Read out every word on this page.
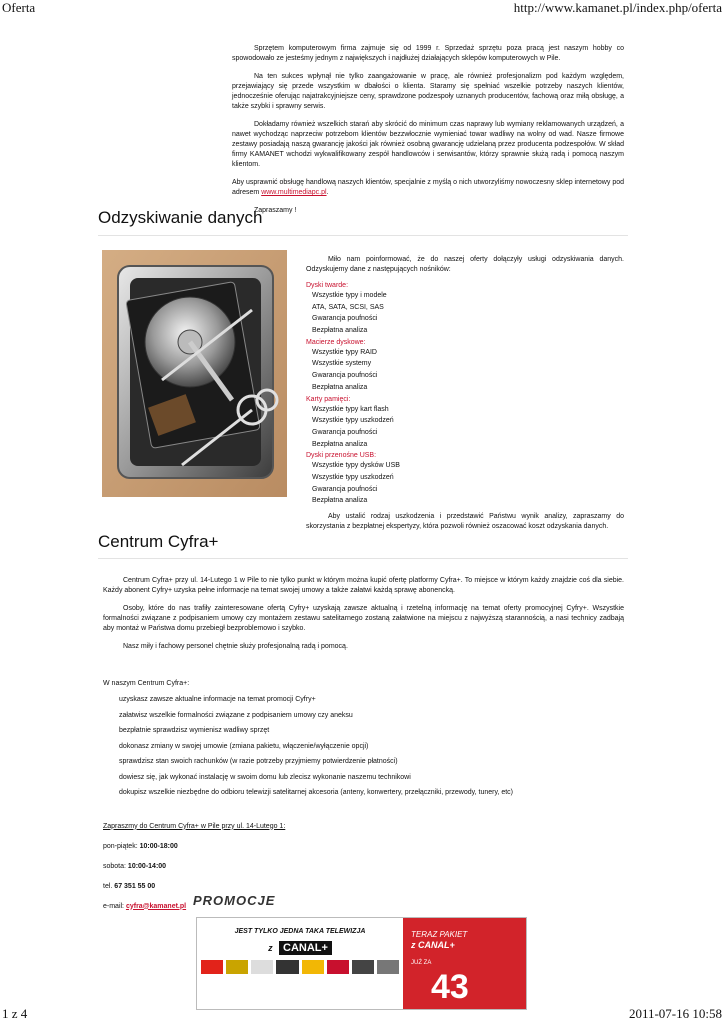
Oferta	http://www.kamanet.pl/index.php/oferta

Sprzętem komputerowym firma zajmuje się od 1999 r. Sprzedaż sprzętu poza pracą jest naszym hobby co spowodowało ze jesteśmy jednym z największych i najdłużej działających sklepów komputerowych w Pile.

Na ten sukces wpłynął nie tylko zaangażowanie w pracę, ale również profesjonalizm pod każdym względem, przejawiający się przede wszystkim w dbałości o klienta. Staramy się spełniać wszelkie potrzeby naszych klientów, jednocześnie oferując najatrakcyjniejsze ceny, sprawdzone podzespoły uznanych producentów, fachową oraz miłą obsługę, a także szybki i sprawny serwis.

Dokładamy również wszelkich starań aby skrócić do minimum czas naprawy lub wymiany reklamowanych urządzeń, a nawet wychodząc naprzeciw potrzebom klientów bezzwłocznie wymieniać towar wadliwy na wolny od wad. Nasze firmowe zestawy posiadają naszą gwarancję jakości jak również osobną gwarancję udzielaną przez producenta podzespołów. W skład firmy KAMANET wchodzi wykwalifikowany zespół handlowców i serwisantów, którzy sprawnie służą radą i pomocą naszym klientom.

Aby usprawnić obsługę handlową naszych klientów, specjalnie z myślą o nich utworzyliśmy nowoczesny sklep internetowy pod adresem www.multimediapc.pl.

Zapraszamy !

Odzyskiwanie danych

Miło nam poinformować, że do naszej oferty dołączyły usługi odzyskiwania danych. Odzyskujemy dane z następujących nośników:

Dyski twarde:

Wszystkie typy i modele
ATA, SATA, SCSI, SAS
Gwarancja poufności
Bezpłatna analiza

Macierze dyskowe:

Wszystkie typy RAID
Wszystkie systemy
Gwarancja poufności
Bezpłatna analiza

Karty pamięci:

Wszystkie typy kart flash
Wszystkie typy uszkodzeń
Gwarancja poufności
Bezpłatna analiza

Dyski przenośne USB:

Wszystkie typy dysków USB
Wszystkie typy uszkodzeń
Gwarancja poufności
Bezpłatna analiza

Aby ustalić rodzaj uszkodzenia i przedstawić Państwu wynik analizy, zapraszamy do skorzystania z bezpłatnej ekspertyzy, która pozwoli również oszacować koszt odzyskania danych.

Centrum Cyfra+

Centrum Cyfra+ przy ul. 14-Lutego 1 w Pile to nie tylko punkt w którym można kupić ofertę platformy Cyfra+. To miejsce w którym każdy znajdzie coś dla siebie. Każdy abonent Cyfry+ uzyska pełne informacje na temat swojej umowy a także załatwi każdą sprawę abonencką.

Osoby, które do nas trafiły zainteresowane ofertą Cyfry+ uzyskają zawsze aktualną i rzetelną informację na temat oferty promocyjnej Cyfry+. Wszystkie formalności związane z podpisaniem umowy czy montażem zestawu satelitarnego zostaną załatwione na miejscu z najwyższą starannością, a nasi technicy zadbają aby montaż w Państwa domu przebiegł bezproblemowo i szybko.

Nasz miły i fachowy personel chętnie służy profesjonalną radą i pomocą.

W naszym Centrum Cyfra+:
uzyskasz zawsze aktualne informacje na temat promocji Cyfry+
załatwisz wszelkie formalności związane z podpisaniem umowy czy aneksu
bezpłatnie sprawdzisz wymienisz wadliwy sprzęt
dokonasz zmiany w swojej umowie (zmiana pakietu, włączenie/wyłączenie opcji)
sprawdzisz stan swoich rachunków (w razie potrzeby przyjmiemy potwierdzenie płatności)
dowiesz się, jak wykonać instalację w swoim domu lub zlecisz wykonanie naszemu technikowi
dokupisz wszelkie niezbędne do odbioru telewizji satelitarnej akcesoria (anteny, konwertery, przełączniki, przewody, tunery, etc)
Zapraszmy do Centrum Cyfra+ w Pile przy ul. 14-Lutego 1:
pon-piątek: 10:00-18:00
sobota: 10:00-14:00
tel. 67 351 55 00
e-mail: cyfra@kamanet.pl PROMOCJE
JEST TYLKO JEDNA TAKA TELEWIZJA
z CANAL+
TERAZ PAKIET
z CANAL+
JUŻ ZA
43
1 z 4	2011-07-16 10:58
